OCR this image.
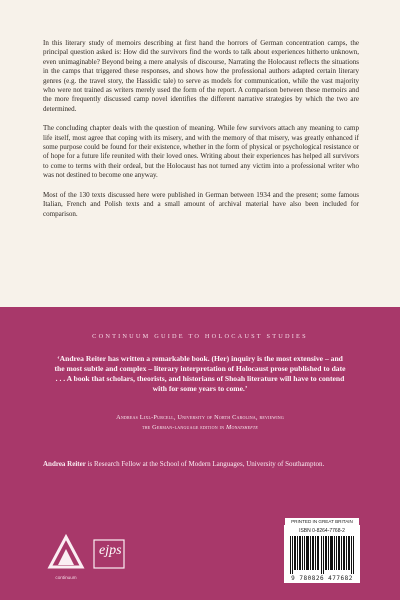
In this literary study of memoirs describing at first hand the horrors of German concentration camps, the principal question asked is: How did the survivors find the words to talk about experiences hitherto unknown, even unimaginable? Beyond being a mere analysis of discourse, Narrating the Holocaust reflects the situations in the camps that triggered these responses, and shows how the professional authors adapted certain literary genres (e.g. the travel story, the Hassidic tale) to serve as models for communication, while the vast majority who were not trained as writers merely used the form of the report. A comparison between these memoirs and the more frequently discussed camp novel identifies the different narrative strategies by which the two are determined.

The concluding chapter deals with the question of meaning. While few survivors attach any meaning to camp life itself, most agree that coping with its misery, and with the memory of that misery, was greatly enhanced if some purpose could be found for their existence, whether in the form of physical or psychological resistance or of hope for a future life reunited with their loved ones. Writing about their experiences has helped all survivors to come to terms with their ordeal, but the Holocaust has not turned any victim into a professional writer who was not destined to become one anyway.

Most of the 130 texts discussed here were published in German between 1934 and the present; some famous Italian, French and Polish texts and a small amount of archival material have also been included for comparison.

CONTINUUM GUIDE TO HOLOCAUST STUDIES
‘Andrea Reiter has written a remarkable book. (Her) inquiry is the most extensive – and the most subtle and complex – literary interpretation of Holocaust prose published to date . . . A book that scholars, theorists, and historians of Shoah literature will have to contend with for some years to come.’
Andreas Lixl-Purcell, University of North Carolina, reviewing
the German-language edition in Monatshefte
Andrea Reiter is Research Fellow at the School of Modern Languages, University of Southampton.
continuum
ejps
PRINTED IN GREAT BRITAIN
ISBN 0-8264-7768-2
9 780826 477682
